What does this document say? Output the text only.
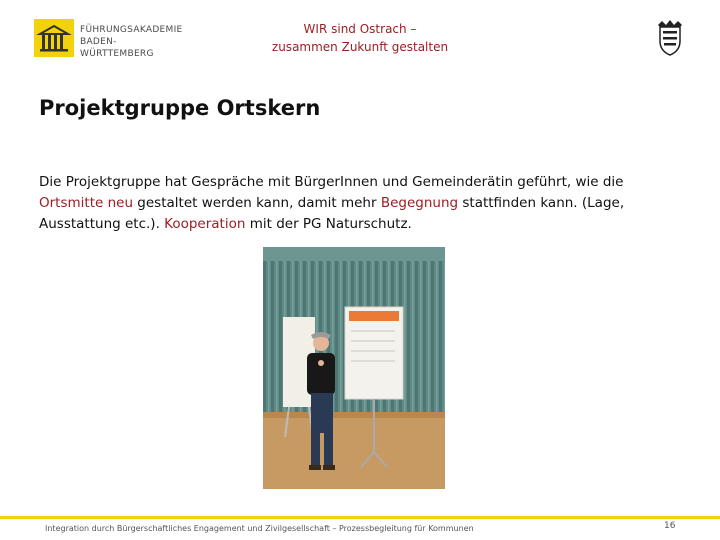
FÜHRUNGSAKADEMIE
BADEN-WÜRTTEMBERG
WIR sind Ostrach –
zusammen Zukunft gestalten
Projektgruppe Ortskern
Die Projektgruppe hat Gespräche mit BürgerInnen und Gemeinderätin geführt, wie die Ortsmitte neu gestaltet werden kann, damit mehr Begegnung stattfinden kann. (Lage, Ausstattung etc.). Kooperation mit der PG Naturschutz.
Integration durch Bürgerschaftliches Engagement und Zivilgesellschaft – Prozessbegleitung für Kommunen	16
